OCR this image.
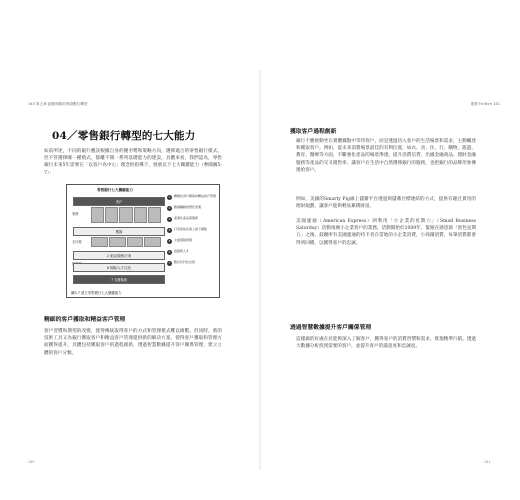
140 第五章 細節制勝的實踐數位轉型	重塑 FinTech 141
04／零售銀行轉型的七大能力
如前所述，不同的銀行應該根據自身的優劣勢和策略方向，選擇適合的零售銀行模式。但不管選擇哪一種模式，都離不開一系列基礎能力的建設。具體來看，我們認為，零售銀行未來5年需要在「以客戶為中心」理念的指導下，發展以下七大關鍵能力（參閱圖5-7）：
零售銀行七大關鍵能力
客戶
業務
數據
支付端
2 產品/服務/方案
6 風險/人才/文化
7 支撐系統
1	精細化客戶獲取和精益客戶管理
2	數據驅動智慧化營運
3	差異化產品與服務
4	打造智能化線上線下網點
5	全面風險管理
6	組織與人才
7	數位化科技支撐
圖5-7 建立零售銀行七大關鍵能力
精細的客戶獲取和精益客戶管理
客戶習慣和期望的改變，使得傳統取得客戶的方式和管理模式難以維繫。但同時，新的技術工具又為銀行獲取客戶和精益客戶管理提供新的解決方案。使得客戶獲取和管理方面獲得提升。具體包括獲取客戶的過程創新，透過智慧數據提升客戶關係管理，建立立體的客戶分類。
獲取客戶過程創新
銀行不應被動坐在實體據點中等待客戶，而是透過切入客戶的生活場景和需求，主動觸達和獲取客戶。例如，從未來消費場景最佳的有利位置，如衣、食、住、行、購物、旅遊、教育、醫療等方面，不斷強化產品的場景滲透，提升消費信貸、出國金融商品、理財金融服務等產品的交叉銷售率，讓客戶在生活中自然選擇銀行的服務，也把銀行的品牌形象傳遞給客戶。
例如，美國的Smarty Pig線上儲蓄平台透過與儲蓄目標連結的方式，提供有趣且實用的理財規劃，讓客戶能夠輕易累積財富。
美國運通（American Express）則利用「小企業的星期六」（Small Business Saturday）活動推廣小企業客戶的業務，活動開始於2009年，緊跟在感恩節「黑色星期五」之後，鼓勵所有美國運通的持卡者在當地的小企業消費，小商鋪消費，每筆消費都會得到回饋，以獲得客戶的忠誠。
透過智慧數據提升客戶關係管理
這樣做的好處在於能夠深入了解客戶，獲得客戶的消費習慣和需求，實現精準行銷。透過大數據分析找到需要的客戶，並提升客戶的滿意度和忠誠度。
140	141
